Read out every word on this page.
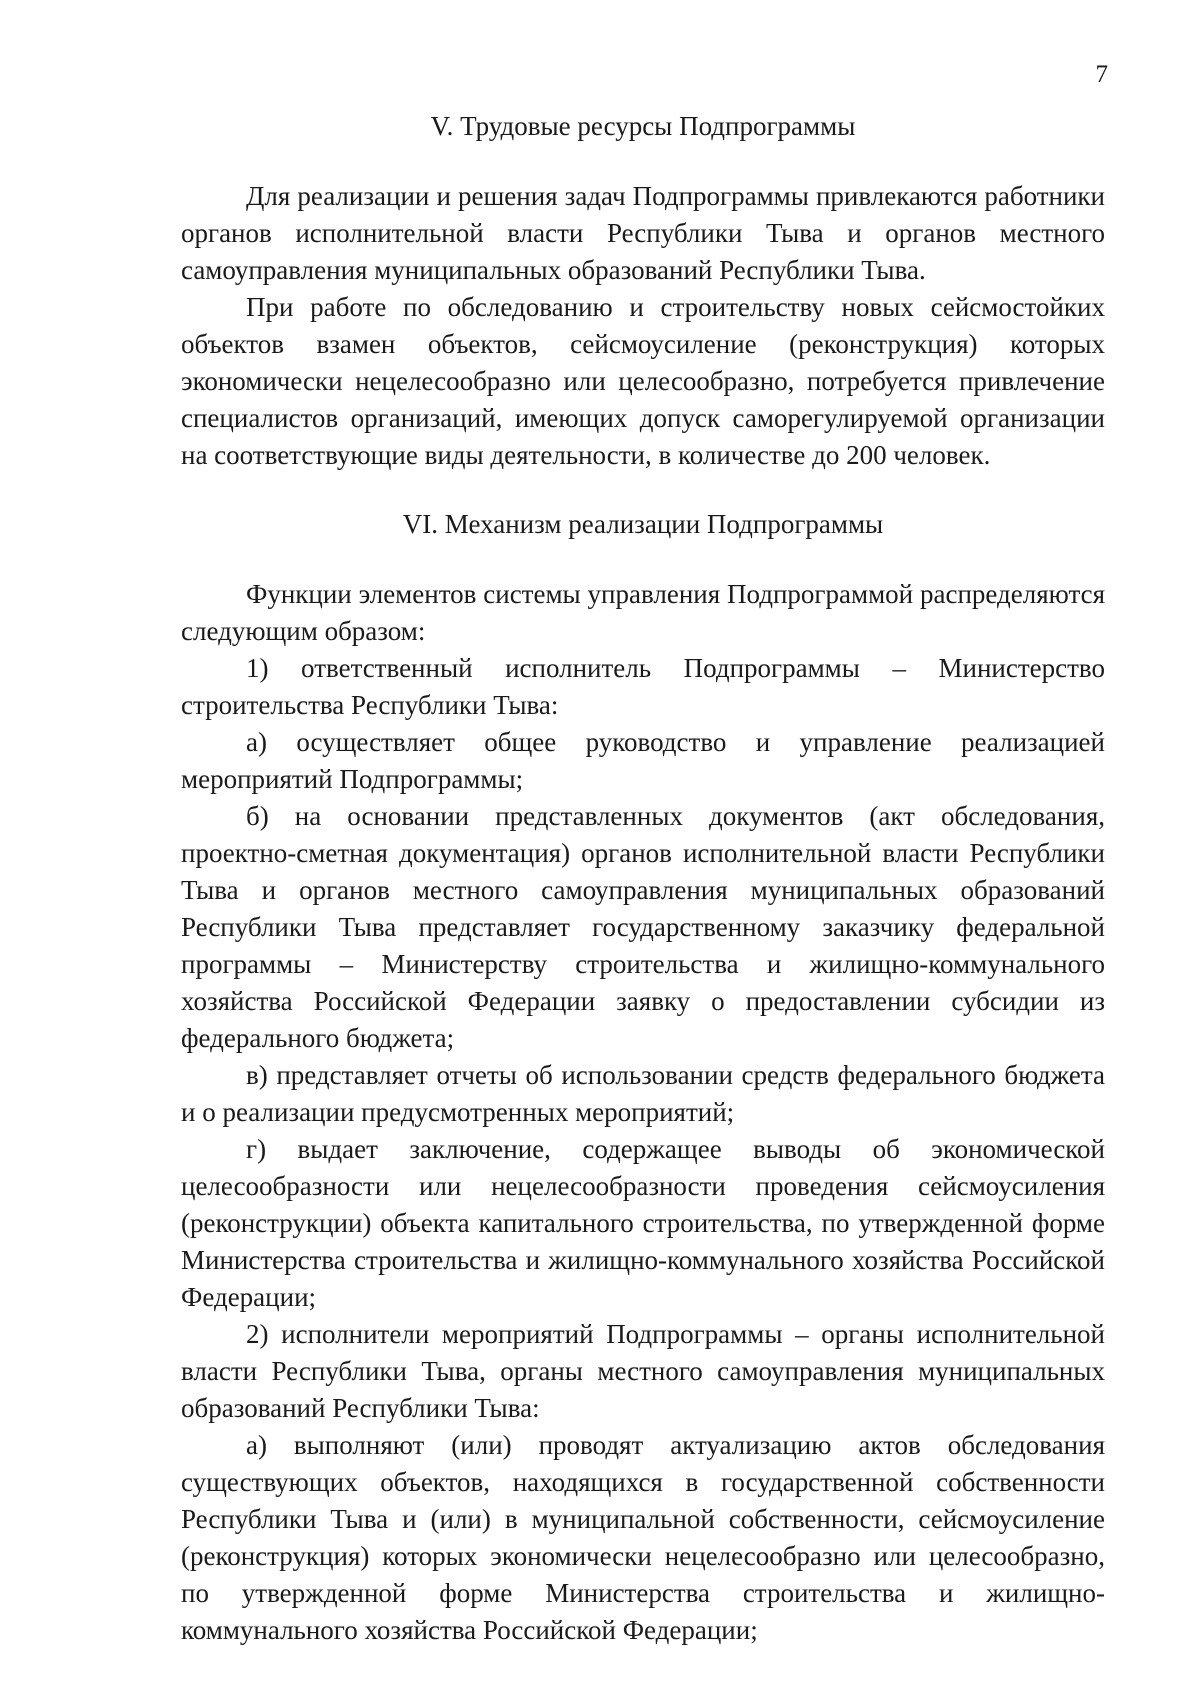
7
V. Трудовые ресурсы Подпрограммы

Для реализации и решения задач Подпрограммы привлекаются работники органов исполнительной власти Республики Тыва и органов местного самоуправления муниципальных образований Республики Тыва.

При работе по обследованию и строительству новых сейсмостойких объектов взамен объектов, сейсмоусиление (реконструкция) которых экономически нецелесообразно или целесообразно, потребуется привлечение специалистов организаций, имеющих допуск саморегулируемой организации на соответствующие виды деятельности, в количестве до 200 человек.

VI. Механизм реализации Подпрограммы

Функции элементов системы управления Подпрограммой распределяются следующим образом:

1) ответственный исполнитель Подпрограммы – Министерство строительства Республики Тыва:

а) осуществляет общее руководство и управление реализацией мероприятий Подпрограммы;

б) на основании представленных документов (акт обследования, проектно-сметная документация) органов исполнительной власти Республики Тыва и органов местного самоуправления муниципальных образований Республики Тыва представляет государственному заказчику федеральной программы – Министерству строительства и жилищно-коммунального хозяйства Российской Федерации заявку о предоставлении субсидии из федерального бюджета;

в) представляет отчеты об использовании средств федерального бюджета и о реализации предусмотренных мероприятий;

г) выдает заключение, содержащее выводы об экономической целесообразности или нецелесообразности проведения сейсмоусиления (реконструкции) объекта капитального строительства, по утвержденной форме Министерства строительства и жилищно-коммунального хозяйства Российской Федерации;

2) исполнители мероприятий Подпрограммы – органы исполнительной власти Республики Тыва, органы местного самоуправления муниципальных образований Республики Тыва:

а) выполняют (или) проводят актуализацию актов обследования существующих объектов, находящихся в государственной собственности Республики Тыва и (или) в муниципальной собственности, сейсмоусиление (реконструкция) которых экономически нецелесообразно или целесообразно, по утвержденной форме Министерства строительства и жилищно-коммунального хозяйства Российской Федерации;
